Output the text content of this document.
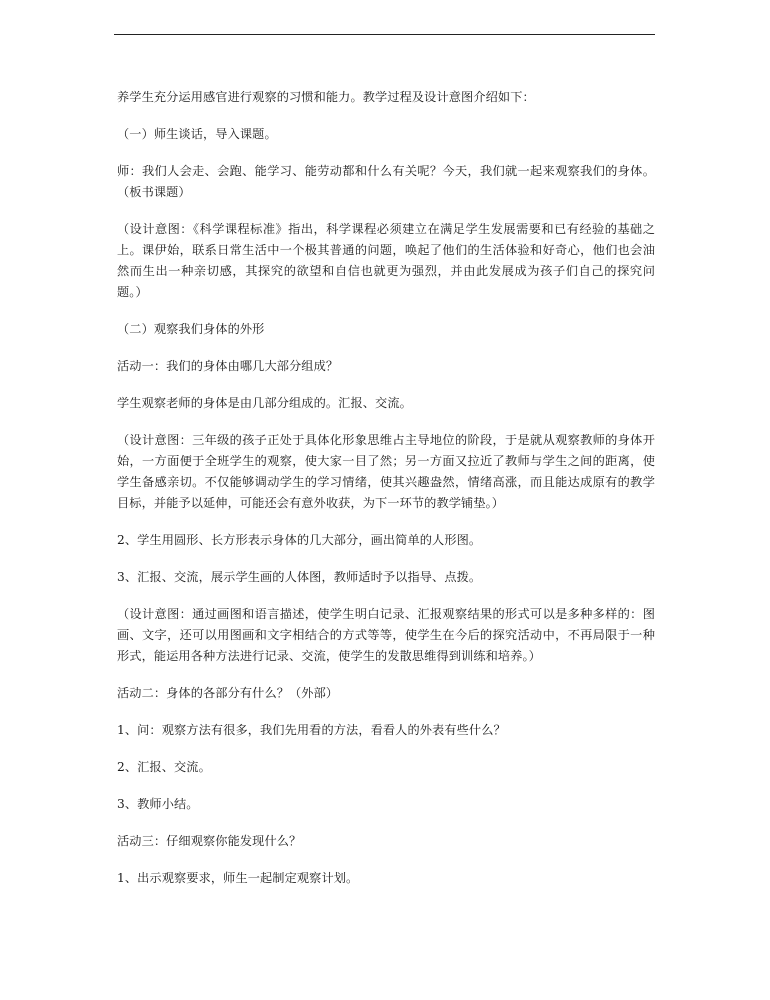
养学生充分运用感官进行观察的习惯和能力。教学过程及设计意图介绍如下：

（一）师生谈话，导入课题。

师：我们人会走、会跑、能学习、能劳动都和什么有关呢？今天，我们就一起来观察我们的身体。（板书课题）

（设计意图：《科学课程标准》指出，科学课程必须建立在满足学生发展需要和已有经验的基础之上。课伊始，联系日常生活中一个极其普通的问题，唤起了他们的生活体验和好奇心，他们也会油然而生出一种亲切感，其探究的欲望和自信也就更为强烈，并由此发展成为孩子们自己的探究问题。）

（二）观察我们身体的外形

活动一：我们的身体由哪几大部分组成？

学生观察老师的身体是由几部分组成的。汇报、交流。

（设计意图：三年级的孩子正处于具体化形象思维占主导地位的阶段，于是就从观察教师的身体开始，一方面便于全班学生的观察，使大家一目了然；另一方面又拉近了教师与学生之间的距离，使学生备感亲切。不仅能够调动学生的学习情绪，使其兴趣盎然，情绪高涨，而且能达成原有的教学目标，并能予以延伸，可能还会有意外收获，为下一环节的教学铺垫。）

2、学生用圆形、长方形表示身体的几大部分，画出简单的人形图。

3、汇报、交流，展示学生画的人体图，教师适时予以指导、点拨。

（设计意图：通过画图和语言描述，使学生明白记录、汇报观察结果的形式可以是多种多样的：图画、文字，还可以用图画和文字相结合的方式等等，使学生在今后的探究活动中，不再局限于一种形式，能运用各种方法进行记录、交流，使学生的发散思维得到训练和培养。）

活动二：身体的各部分有什么？（外部）

1、问：观察方法有很多，我们先用看的方法，看看人的外表有些什么？

2、汇报、交流。

3、教师小结。

活动三：仔细观察你能发现什么？

1、出示观察要求，师生一起制定观察计划。
